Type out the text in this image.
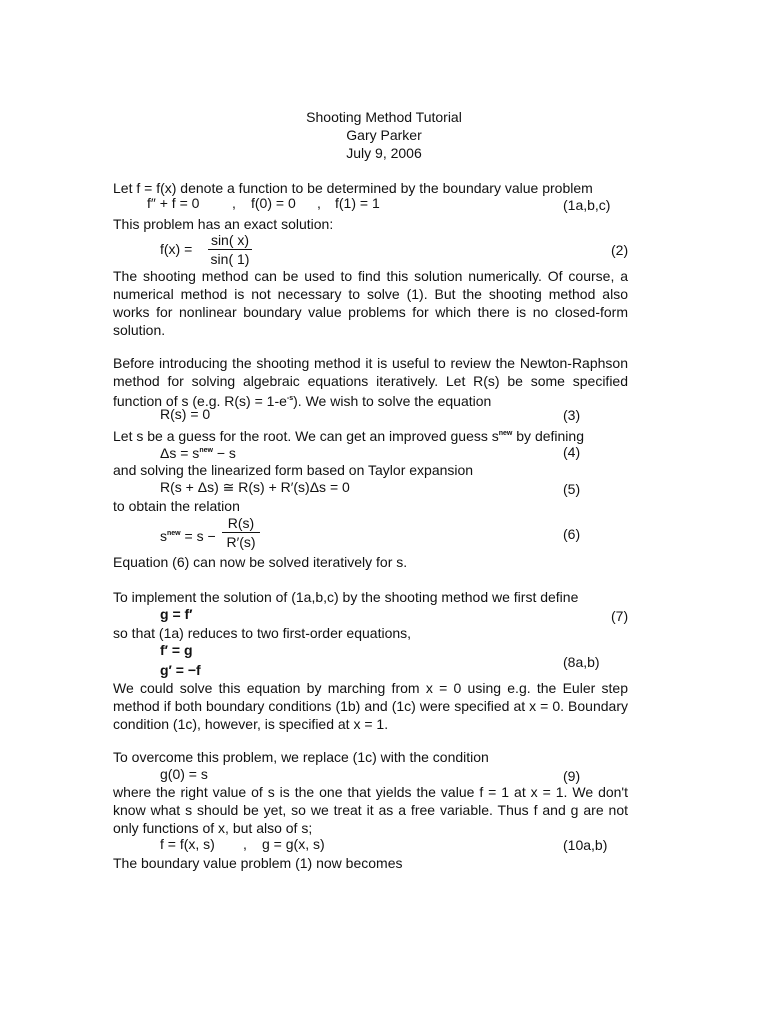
Shooting Method Tutorial
Gary Parker
July 9, 2006
Let f = f(x) denote a function to be determined by the boundary value problem
f″ + f = 0 , f(0) = 0 , f(1) = 1	(1a,b,c)
This problem has an exact solution:
f(x) =
sin( x)
sin( 1)
(2)
The shooting method can be used to find this solution numerically. Of course, a numerical method is not necessary to solve (1). But the shooting method also works for nonlinear boundary value problems for which there is no closed-form solution.
Before introducing the shooting method it is useful to review the Newton-Raphson method for solving algebraic equations iteratively. Let R(s) be some specified function of s (e.g. $R(s) = 1-e^{-s}$). We wish to solve the equation
R(s) = 0	(3)
Let s be a guess for the root. We can get an improved guess $s^{new}$ by defining
$\Delta s = s^{new} - s$	(4)
and solving the linearized form based on Taylor expansion
R(s + Δs) ≅ R(s) + R′(s)Δs = 0	(5)
to obtain the relation
$s^{new} = s$ −
R(s)
R′(s)	(6)
Equation (6) can now be solved iteratively for s.
To implement the solution of (1a,b,c) by the shooting method we first define
g = f′	(7)
so that (1a) reduces to two first-order equations,
f′ = g
g′ = −f	(8a,b)
We could solve this equation by marching from x = 0 using e.g. the Euler step method if both boundary conditions (1b) and (1c) were specified at x = 0. Boundary condition (1c), however, is specified at x = 1.
To overcome this problem, we replace (1c) with the condition
g(0) = s	(9)
where the right value of s is the one that yields the value f = 1 at x = 1. We don't know what s should be yet, so we treat it as a free variable. Thus f and g are not only functions of x, but also of s;
f = f(x, s) , g = g(x, s)	(10a,b)
The boundary value problem (1) now becomes
